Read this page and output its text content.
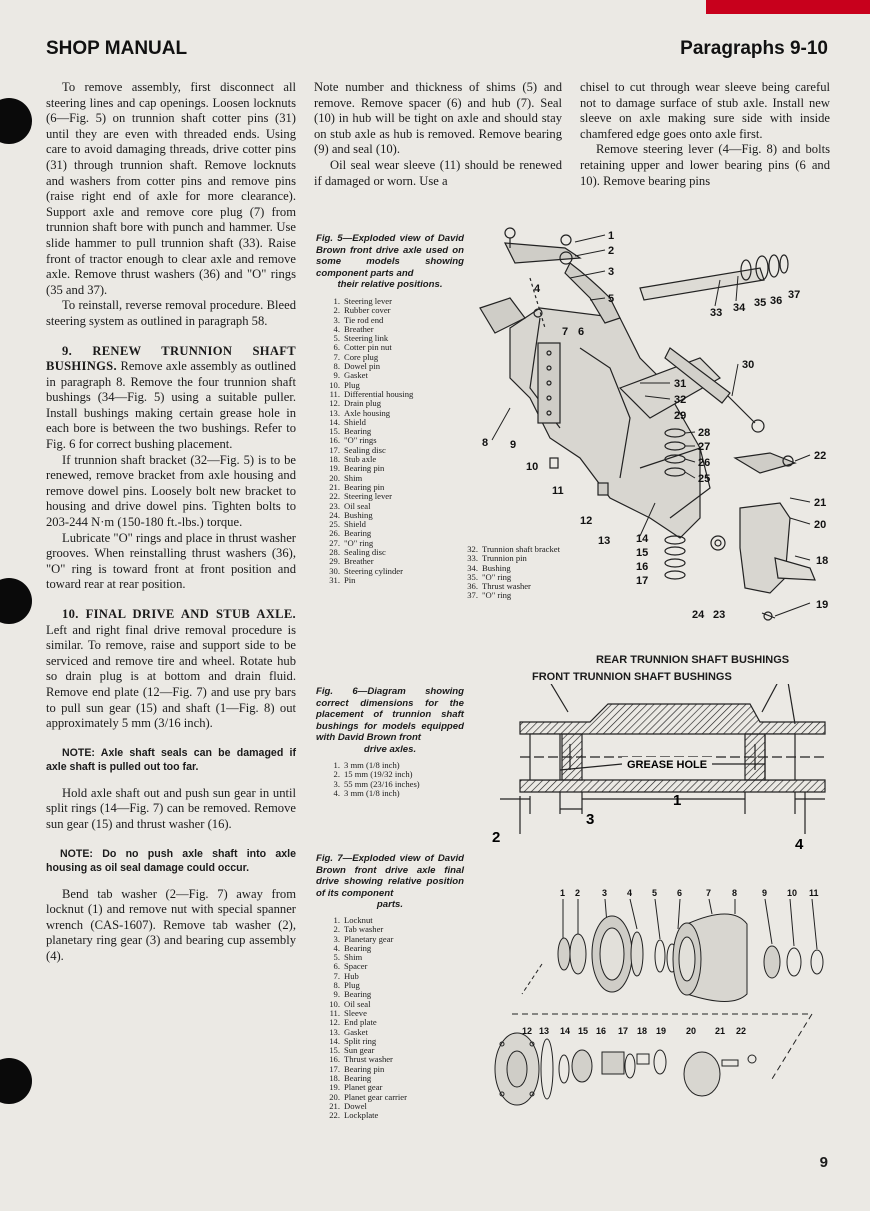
SHOP MANUAL	Paragraphs 9-10

To remove assembly, first disconnect all steering lines and cap openings. Loosen locknuts (6—Fig. 5) on trunnion shaft cotter pins (31) until they are even with threaded ends. Using care to avoid damaging threads, drive cotter pins (31) through trunnion shaft. Remove locknuts and washers from cotter pins and remove pins (raise right end of axle for more clearance). Support axle and remove core plug (7) from trunnion shaft bore with punch and hammer. Use slide hammer to pull trunnion shaft (33). Raise front of tractor enough to clear axle and remove axle. Remove thrust washers (36) and "O" rings (35 and 37).

To reinstall, reverse removal procedure. Bleed steering system as outlined in paragraph 58.

9. RENEW TRUNNION SHAFT BUSHINGS. Remove axle assembly as outlined in paragraph 8. Remove the four trunnion shaft bushings (34—Fig. 5) using a suitable puller. Install bushings making certain grease hole in each bore is between the two bushings. Refer to Fig. 6 for correct bushing placement.

If trunnion shaft bracket (32—Fig. 5) is to be renewed, remove bracket from axle housing and remove dowel pins. Loosely bolt new bracket to housing and drive dowel pins. Tighten bolts to 203-244 N·m (150-180 ft.-lbs.) torque.

Lubricate "O" rings and place in thrust washer grooves. When reinstalling thrust washers (36), "O" ring is toward front at front position and toward rear at rear position.

10. FINAL DRIVE AND STUB AXLE. Left and right final drive removal procedure is similar. To remove, raise and support side to be serviced and remove tire and wheel. Rotate hub so drain plug is at bottom and drain fluid. Remove end plate (12—Fig. 7) and use pry bars to pull sun gear (15) and shaft (1—Fig. 8) out approximately 5 mm (3/16 inch).

NOTE: Axle shaft seals can be damaged if axle shaft is pulled out too far.

Hold axle shaft out and push sun gear in until split rings (14—Fig. 7) can be removed. Remove sun gear (15) and thrust washer (16).

NOTE: Do no push axle shaft into axle housing as oil seal damage could occur.

Bend tab washer (2—Fig. 7) away from locknut (1) and remove nut with special spanner wrench (CAS-1607). Remove tab washer (2), planetary ring gear (3) and bearing cup assembly (4).

Note number and thickness of shims (5) and remove. Remove spacer (6) and hub (7). Seal (10) in hub will be tight on axle and should stay on stub axle as hub is removed. Remove bearing (9) and seal (10).

Oil seal wear sleeve (11) should be renewed if damaged or worn. Use a

chisel to cut through wear sleeve being careful not to damage surface of stub axle. Install new sleeve on axle making sure side with inside chamfered edge goes onto axle first.

Remove steering lever (4—Fig. 8) and bolts retaining upper and lower bearing pins (6 and 10). Remove bearing pins

Fig. 5—Exploded view of David Brown front drive axle used on some models showing component parts and
their relative positions.
1. Steering lever
2. Rubber cover
3. Tie rod end
4. Breather
5. Steering link
6. Cotter pin nut
7. Core plug
8. Dowel pin
9. Gasket
10. Plug
11. Differential housing
12. Drain plug
13. Axle housing
14. Shield
15. Bearing
16. "O" rings
17. Sealing disc
18. Stub axle
19. Bearing pin
20. Shim
21. Bearing pin
22. Steering lever
23. Oil seal
24. Bushing
25. Shield
26. Bearing
27. "O" ring
28. Sealing disc
29. Breather
30. Steering cylinder
31. Pin
32. Trunnion shaft bracket
33. Trunnion pin
34. Bushing
35. "O" ring
36. Thrust washer
37. "O" ring
1
2
3
4
5
6
7
8 9
10
11
12
13 14
15
16
17
18
19
20
21
22
23
24
25
26
27
28
29
30
31
32
33 34 35 36 37
REAR TRUNNION SHAFT BUSHINGS
FRONT TRUNNION SHAFT BUSHINGS
GREASE HOLE
1
2
3
4
Fig. 6—Diagram showing correct dimensions for the placement of trunnion shaft bushings for models equipped with David Brown front
drive axles.
1. 3 mm (1/8 inch)
2. 15 mm (19/32 inch)
3. 55 mm (23/16 inches)
4. 3 mm (1/8 inch)
Fig. 7—Exploded view of David Brown front drive axle final drive showing relative position of its component
parts.
1. Locknut
2. Tab washer
3. Planetary gear
4. Bearing
5. Shim
6. Spacer
7. Hub
8. Plug
9. Bearing
10. Oil seal
11. Sleeve
12. End plate
13. Gasket
14. Split ring
15. Sun gear
16. Thrust washer
17. Bearing pin
18. Bearing
19. Planet gear
20. Planet gear carrier
21. Dowel
22. Lockplate
1 2 3 4 5 6	7 8	9 10 11
12 13 14 15 16 17 18 19 20 21 22
9
